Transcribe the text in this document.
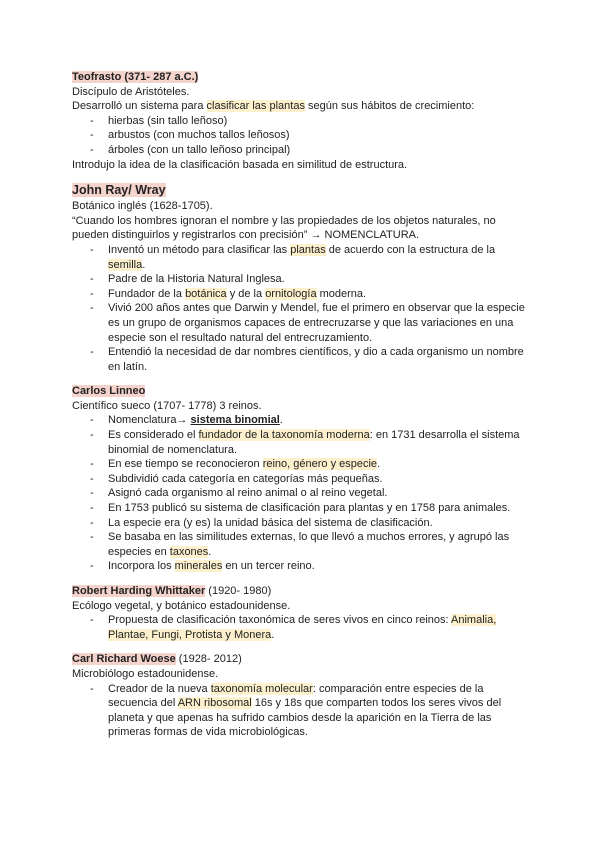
Teofrasto (371- 287 a.C.)

Discípulo de Aristóteles.

Desarrolló un sistema para clasificar las plantas según sus hábitos de crecimiento:

- hierbas (sin tallo leñoso)
- arbustos (con muchos tallos leñosos)
- árboles (con un tallo leñoso principal)

Introdujo la idea de la clasificación basada en similitud de estructura.

John Ray/ Wray

Botánico inglés (1628-1705).

“Cuando los hombres ignoran el nombre y las propiedades de los objetos naturales, no pueden distinguirlos y registrarlos con precisión” → NOMENCLATURA.

- Inventó un método para clasificar las plantas de acuerdo con la estructura de la semilla.
- Padre de la Historia Natural Inglesa.
- Fundador de la botánica y de la ornitología moderna.
- Vivió 200 años antes que Darwin y Mendel, fue el primero en observar que la especie es un grupo de organismos capaces de entrecruzarse y que las variaciones en una especie son el resultado natural del entrecruzamiento.
- Entendió la necesidad de dar nombres científicos, y dio a cada organismo un nombre en latín.

Carlos Linneo

Científico sueco (1707- 1778) 3 reinos.

- Nomenclatura→ sistema binomial.
- Es considerado el fundador de la taxonomía moderna: en 1731 desarrolla el sistema binomial de nomenclatura.
- En ese tiempo se reconocieron reino, género y especie.
- Subdividió cada categoría en categorías más pequeñas.
- Asignó cada organismo al reino animal o al reino vegetal.
- En 1753 publicó su sistema de clasificación para plantas y en 1758 para animales.
- La especie era (y es) la unidad básica del sistema de clasificación.
- Se basaba en las similitudes externas, lo que llevó a muchos errores, y agrupó las especies en taxones.
- Incorpora los minerales en un tercer reino.

Robert Harding Whittaker (1920- 1980)

Ecólogo vegetal, y botánico estadounidense.

- Propuesta de clasificación taxonómica de seres vivos en cinco reinos: Animalia, Plantae, Fungi, Protista y Monera.

Carl Richard Woese (1928- 2012)

Microbiólogo estadounidense.

- Creador de la nueva taxonomía molecular: comparación entre especies de la secuencia del ARN ribosomal 16s y 18s que comparten todos los seres vivos del planeta y que apenas ha sufrido cambios desde la aparición en la Tierra de las primeras formas de vida microbiológicas.
